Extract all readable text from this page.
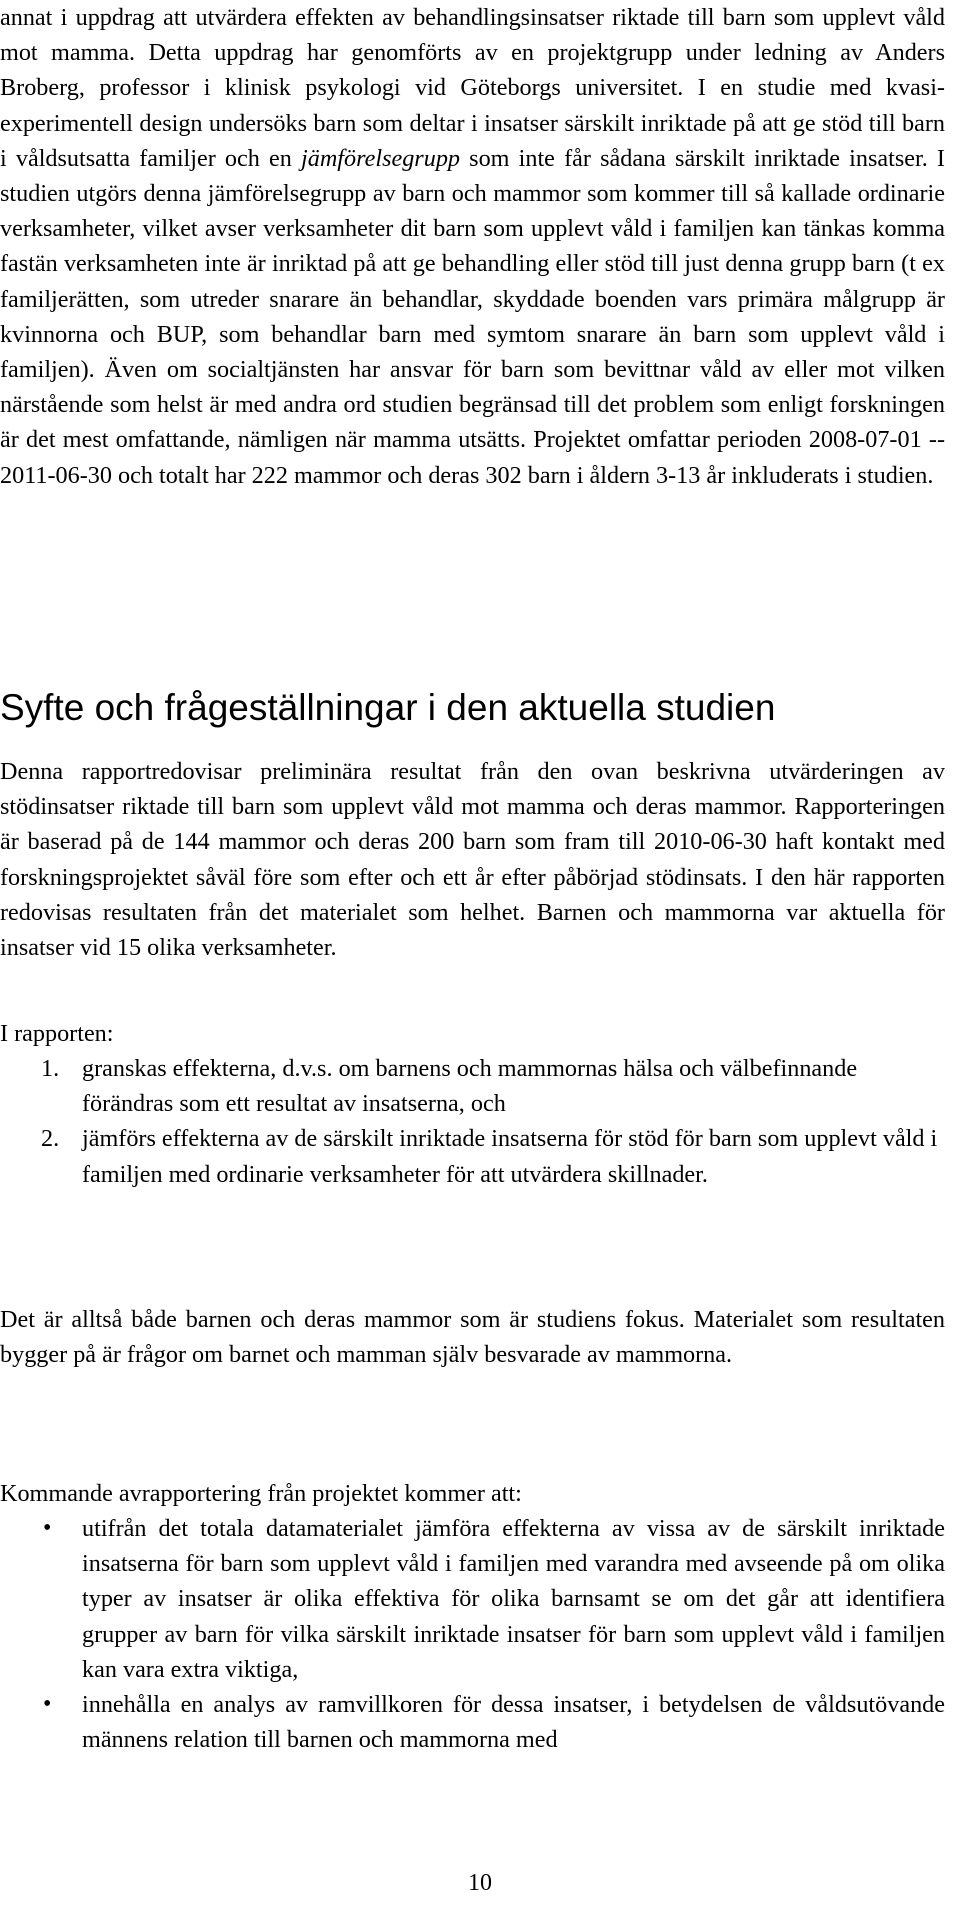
annat i uppdrag att utvärdera effekten av behandlingsinsatser riktade till barn som upplevt våld mot mamma. Detta uppdrag har genomförts av en projektgrupp under ledning av Anders Broberg, professor i klinisk psykologi vid Göteborgs universitet. I en studie med kvasi-experimentell design undersöks barn som deltar i insatser särskilt inriktade på att ge stöd till barn i våldsutsatta familjer och en jämförelsegrupp som inte får sådana särskilt inriktade insatser. I studien utgörs denna jämförelsegrupp av barn och mammor som kommer till så kallade ordinarie verksamheter, vilket avser verksamheter dit barn som upplevt våld i familjen kan tänkas komma fastän verksamheten inte är inriktad på att ge behandling eller stöd till just denna grupp barn (t ex familjerätten, som utreder snarare än behandlar, skyddade boenden vars primära målgrupp är kvinnorna och BUP, som behandlar barn med symtom snarare än barn som upplevt våld i familjen). Även om socialtjänsten har ansvar för barn som bevittnar våld av eller mot vilken närstående som helst är med andra ord studien begränsad till det problem som enligt forskningen är det mest omfattande, nämligen när mamma utsätts. Projektet omfattar perioden 2008-07-01 -- 2011-06-30 och totalt har 222 mammor och deras 302 barn i åldern 3-13 år inkluderats i studien.

Syfte och frågeställningar i den aktuella studien

Denna rapportredovisar preliminära resultat från den ovan beskrivna utvärderingen av stödinsatser riktade till barn som upplevt våld mot mamma och deras mammor. Rapporteringen är baserad på de 144 mammor och deras 200 barn som fram till 2010-06-30 haft kontakt med forskningsprojektet såväl före som efter och ett år efter påbörjad stödinsats. I den här rapporten redovisas resultaten från det materialet som helhet. Barnen och mammorna var aktuella för insatser vid 15 olika verksamheter.

I rapporten:
1. granskas effekterna, d.v.s. om barnens och mammornas hälsa och välbefinnande förändras som ett resultat av insatserna, och
2. jämförs effekterna av de särskilt inriktade insatserna för stöd för barn som upplevt våld i familjen med ordinarie verksamheter för att utvärdera skillnader.

Det är alltså både barnen och deras mammor som är studiens fokus. Materialet som resultaten bygger på är frågor om barnet och mamman själv besvarade av mammorna.

Kommande avrapportering från projektet kommer att:
• utifrån det totala datamaterialet jämföra effekterna av vissa av de särskilt inriktade insatserna för barn som upplevt våld i familjen med varandra med avseende på om olika typer av insatser är olika effektiva för olika barnsamt se om det går att identifiera grupper av barn för vilka särskilt inriktade insatser för barn som upplevt våld i familjen kan vara extra viktiga,
• innehålla en analys av ramvillkoren för dessa insatser, i betydelsen de våldsutövande männens relation till barnen och mammorna med
10
